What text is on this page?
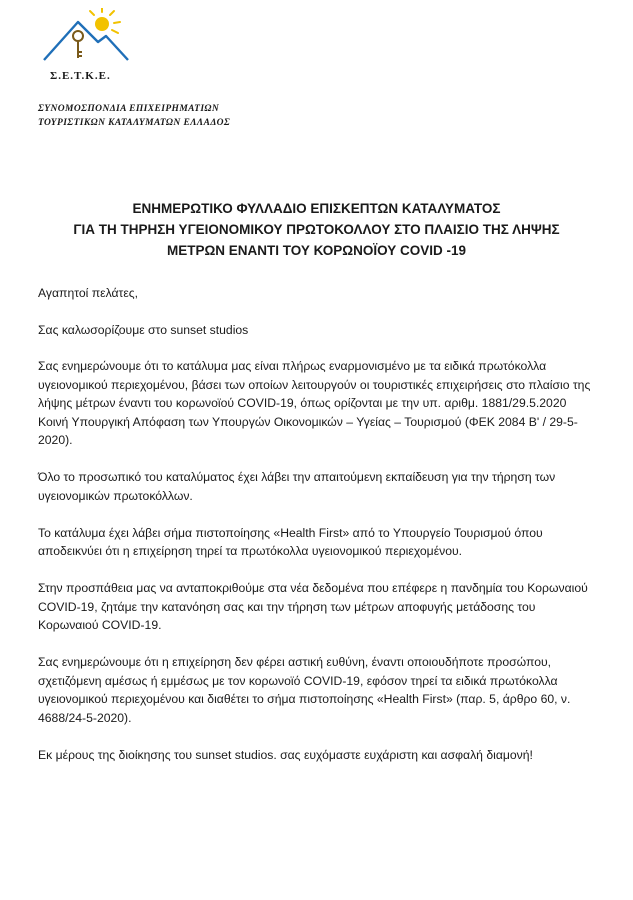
Σ.Ε.Τ.Κ.Ε.
ΣΥΝΟΜΟΣΠΟΝΔΙΑ ΕΠΙΧΕΙΡΗΜΑΤΙΩΝ
ΤΟΥΡΙΣΤΙΚΩΝ ΚΑΤΑΛΥΜΑΤΩΝ ΕΛΛΑΔΟΣ
ΕΝΗΜΕΡΩΤΙΚΟ ΦΥΛΛΑΔΙΟ ΕΠΙΣΚΕΠΤΩΝ ΚΑΤΑΛΥΜΑΤΟΣ
ΓΙΑ ΤΗ ΤΗΡΗΣΗ ΥΓΕΙΟΝΟΜΙΚΟΥ ΠΡΩΤΟΚΟΛΛΟΥ ΣΤΟ ΠΛΑΙΣΙΟ ΤΗΣ ΛΗΨΗΣ
ΜΕΤΡΩΝ ΕΝΑΝΤΙ ΤΟΥ ΚΟΡΩΝΟΪΟΥ COVID -19

Αγαπητοί πελάτες,

Σας καλωσορίζουμε στο sunset studios

Σας ενημερώνουμε ότι το κατάλυμα μας είναι πλήρως εναρμονισμένο με τα ειδικά πρωτόκολλα υγειονομικού περιεχομένου, βάσει των οποίων λειτουργούν οι τουριστικές επιχειρήσεις στο πλαίσιο της λήψης μέτρων έναντι του κορωνοϊού COVID-19, όπως ορίζονται με την υπ. αριθμ. 1881/29.5.2020 Κοινή Υπουργική Απόφαση των Υπουργών Οικονομικών – Υγείας – Τουρισμού (ΦΕΚ 2084 Β' / 29-5-2020).

Όλο το προσωπικό του καταλύματος έχει λάβει την απαιτούμενη εκπαίδευση για την τήρηση των υγειονομικών πρωτοκόλλων.

Το κατάλυμα έχει λάβει σήμα πιστοποίησης «Health First» από το Υπουργείο Τουρισμού όπου αποδεικνύει ότι η επιχείρηση τηρεί τα πρωτόκολλα υγειονομικού περιεχομένου.

Στην προσπάθεια μας να ανταποκριθούμε στα νέα δεδομένα που επέφερε η πανδημία του Κορωναιού COVID-19, ζητάμε την κατανόηση σας και την τήρηση των μέτρων αποφυγής μετάδοσης του Κορωναιού COVID-19.

Σας ενημερώνουμε ότι η επιχείρηση δεν φέρει αστική ευθύνη, έναντι οποιουδήποτε προσώπου, σχετιζόμενη αμέσως ή εμμέσως με τον κορωνοϊό COVID-19, εφόσον τηρεί τα ειδικά πρωτόκολλα υγειονομικού περιεχομένου και διαθέτει το σήμα πιστοποίησης «Health First» (παρ. 5, άρθρο 60, ν. 4688/24-5-2020).

Εκ μέρους της διοίκησης του sunset studios. σας ευχόμαστε ευχάριστη και ασφαλή διαμονή!
